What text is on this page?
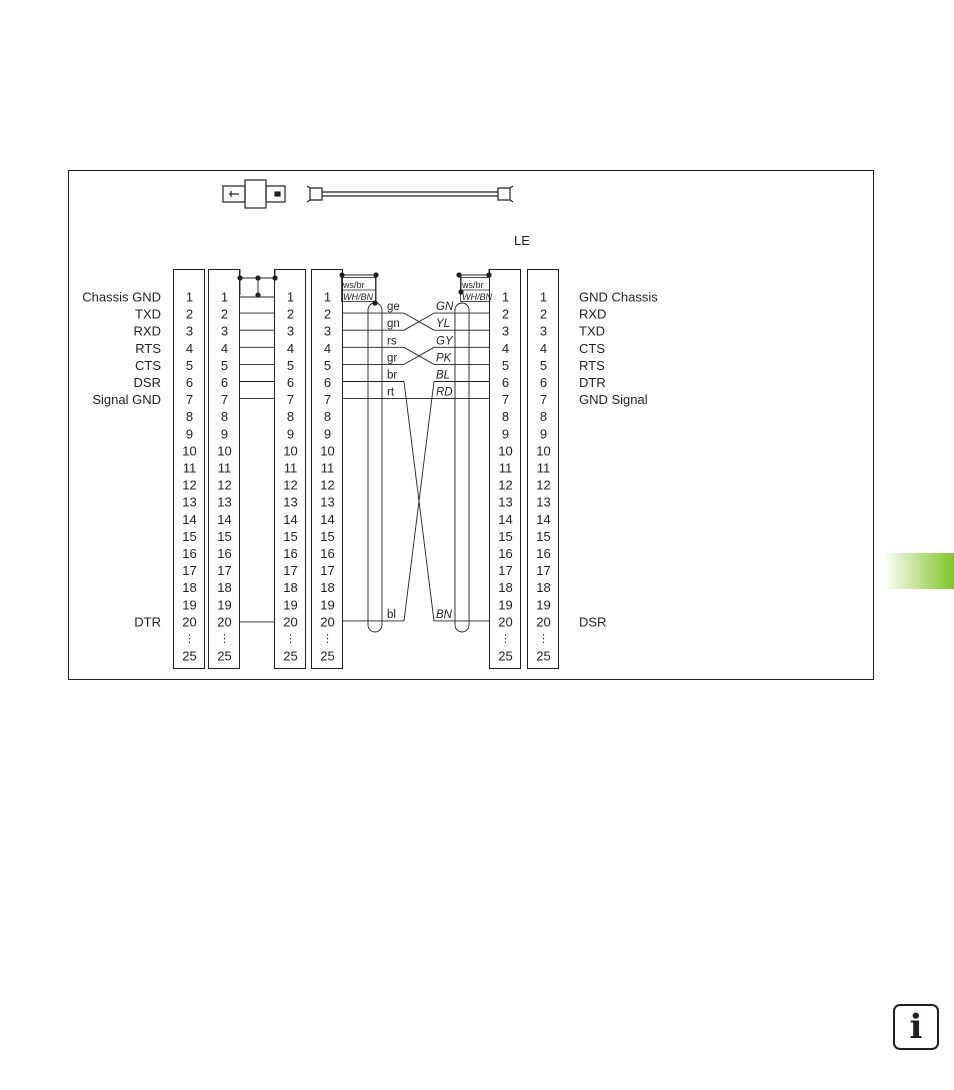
LE
1
2
3
4
5
6
7
8
9
10
11
12
13
14
15
16
17
18
19
20
25
⋮
1
2
3
4
5
6
7
8
9
10
11
12
13
14
15
16
17
18
19
20
25
⋮
1
2
3
4
5
6
7
8
9
10
11
12
13
14
15
16
17
18
19
20
25
⋮
1
2
3
4
5
6
7
8
9
10
11
12
13
14
15
16
17
18
19
20
25
⋮
1
2
3
4
5
6
7
8
9
10
11
12
13
14
15
16
17
18
19
20
25
⋮
1
2
3
4
5
6
7
8
9
10
11
12
13
14
15
16
17
18
19
20
25
⋮
Chassis GND
TXD
RXD
RTS
CTS
DSR
Signal GND
DTR
GND Chassis
RXD
TXD
CTS
RTS
DTR
GND Signal
DSR
ws/br
WH/BN
ws/br
WH/BN
ge
gn
rs
gr
br
rt
bl
GN
YL
GY
PK
BL
RD
BN
i
